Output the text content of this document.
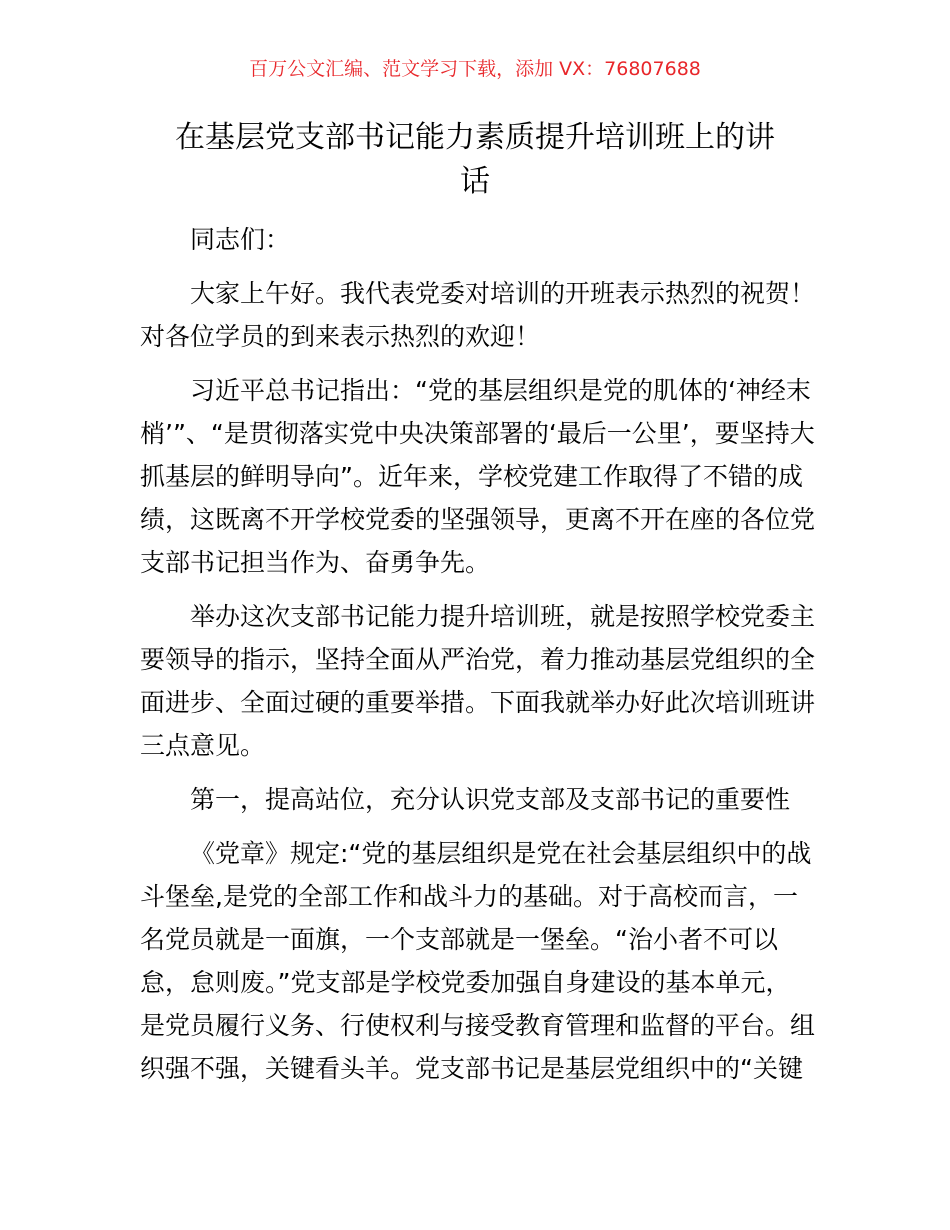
百万公文汇编、范文学习下载，添加 VX：76807688
在基层党支部书记能力素质提升培训班上的讲
话
同志们：
大家上午好。我代表党委对培训的开班表示热烈的祝贺！
对各位学员的到来表示热烈的欢迎！
习近平总书记指出：“党的基层组织是党的肌体的‘神经末
梢’”、“是贯彻落实党中央决策部署的‘最后一公里’，要坚持大
抓基层的鲜明导向”。近年来，学校党建工作取得了不错的成
绩，这既离不开学校党委的坚强领导，更离不开在座的各位党
支部书记担当作为、奋勇争先。
举办这次支部书记能力提升培训班，就是按照学校党委主
要领导的指示，坚持全面从严治党，着力推动基层党组织的全
面进步、全面过硬的重要举措。下面我就举办好此次培训班讲
三点意见。
第一，提高站位，充分认识党支部及支部书记的重要性
《党章》规定:“党的基层组织是党在社会基层组织中的战
斗堡垒,是党的全部工作和战斗力的基础。对于高校而言，一
名党员就是一面旗，一个支部就是一堡垒。“治小者不可以
怠，怠则废。”党支部是学校党委加强自身建设的基本单元，
是党员履行义务、行使权利与接受教育管理和监督的平台。组
织强不强，关键看头羊。党支部书记是基层党组织中的“关键
